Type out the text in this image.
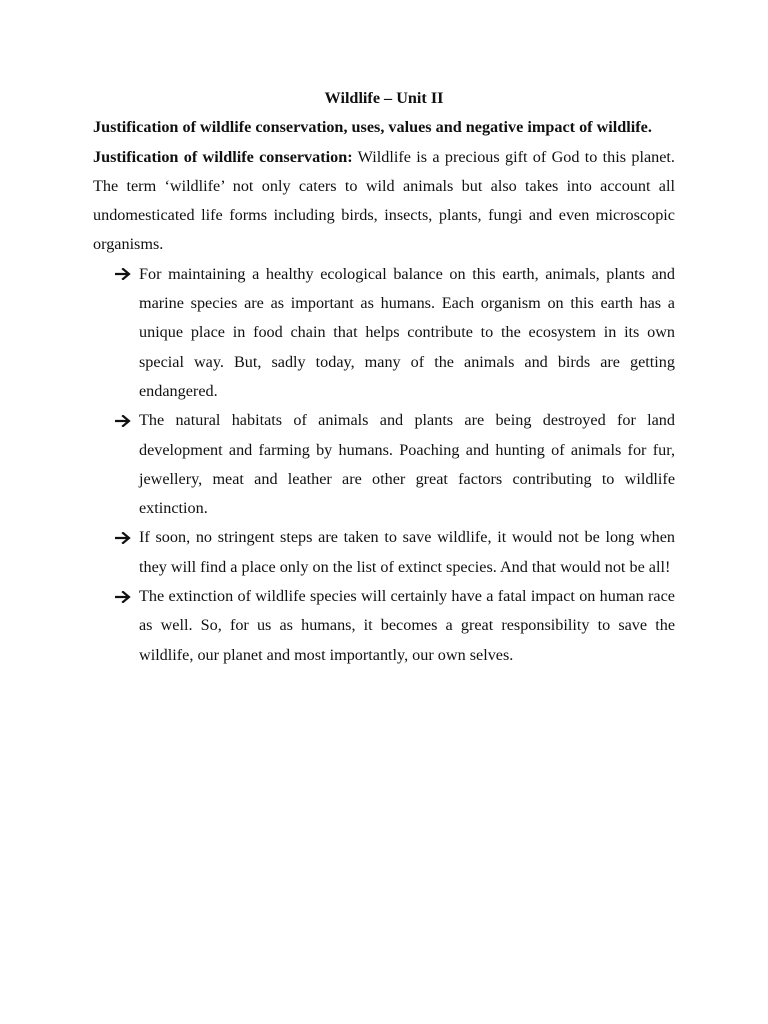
Wildlife – Unit II

Justification of wildlife conservation, uses, values and negative impact of wildlife.

Justification of wildlife conservation: Wildlife is a precious gift of God to this planet. The term ‘wildlife’ not only caters to wild animals but also takes into account all undomesticated life forms including birds, insects, plants, fungi and even microscopic organisms.

For maintaining a healthy ecological balance on this earth, animals, plants and marine species are as important as humans. Each organism on this earth has a unique place in food chain that helps contribute to the ecosystem in its own special way. But, sadly today, many of the animals and birds are getting endangered.
The natural habitats of animals and plants are being destroyed for land development and farming by humans. Poaching and hunting of animals for fur, jewellery, meat and leather are other great factors contributing to wildlife extinction.
If soon, no stringent steps are taken to save wildlife, it would not be long when they will find a place only on the list of extinct species. And that would not be all!
The extinction of wildlife species will certainly have a fatal impact on human race as well. So, for us as humans, it becomes a great responsibility to save the wildlife, our planet and most importantly, our own selves.
